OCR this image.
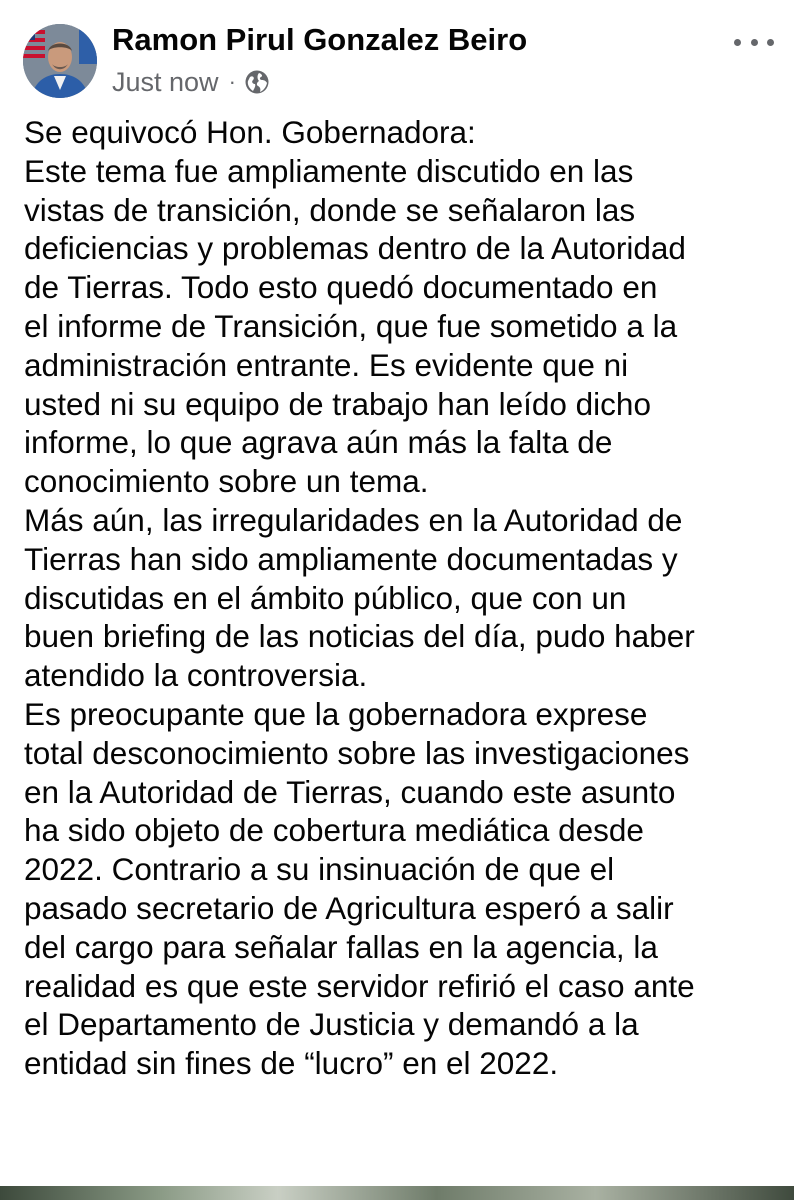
Ramon Pirul Gonzalez Beiro
Just now ·
Se equivocó Hon. Gobernadora:
Este tema fue ampliamente discutido en las
vistas de transición, donde se señalaron las
deficiencias y problemas dentro de la Autoridad
de Tierras. Todo esto quedó documentado en
el informe de Transición, que fue sometido a la
administración entrante. Es evidente que ni
usted ni su equipo de trabajo han leído dicho
informe, lo que agrava aún más la falta de
conocimiento sobre un tema.
Más aún, las irregularidades en la Autoridad de
Tierras han sido ampliamente documentadas y
discutidas en el ámbito público, que con un
buen briefing de las noticias del día, pudo haber
atendido la controversia.
Es preocupante que la gobernadora exprese
total desconocimiento sobre las investigaciones
en la Autoridad de Tierras, cuando este asunto
ha sido objeto de cobertura mediática desde
2022. Contrario a su insinuación de que el
pasado secretario de Agricultura esperó a salir
del cargo para señalar fallas en la agencia, la
realidad es que este servidor refirió el caso ante
el Departamento de Justicia y demandó a la
entidad sin fines de “lucro” en el 2022.
